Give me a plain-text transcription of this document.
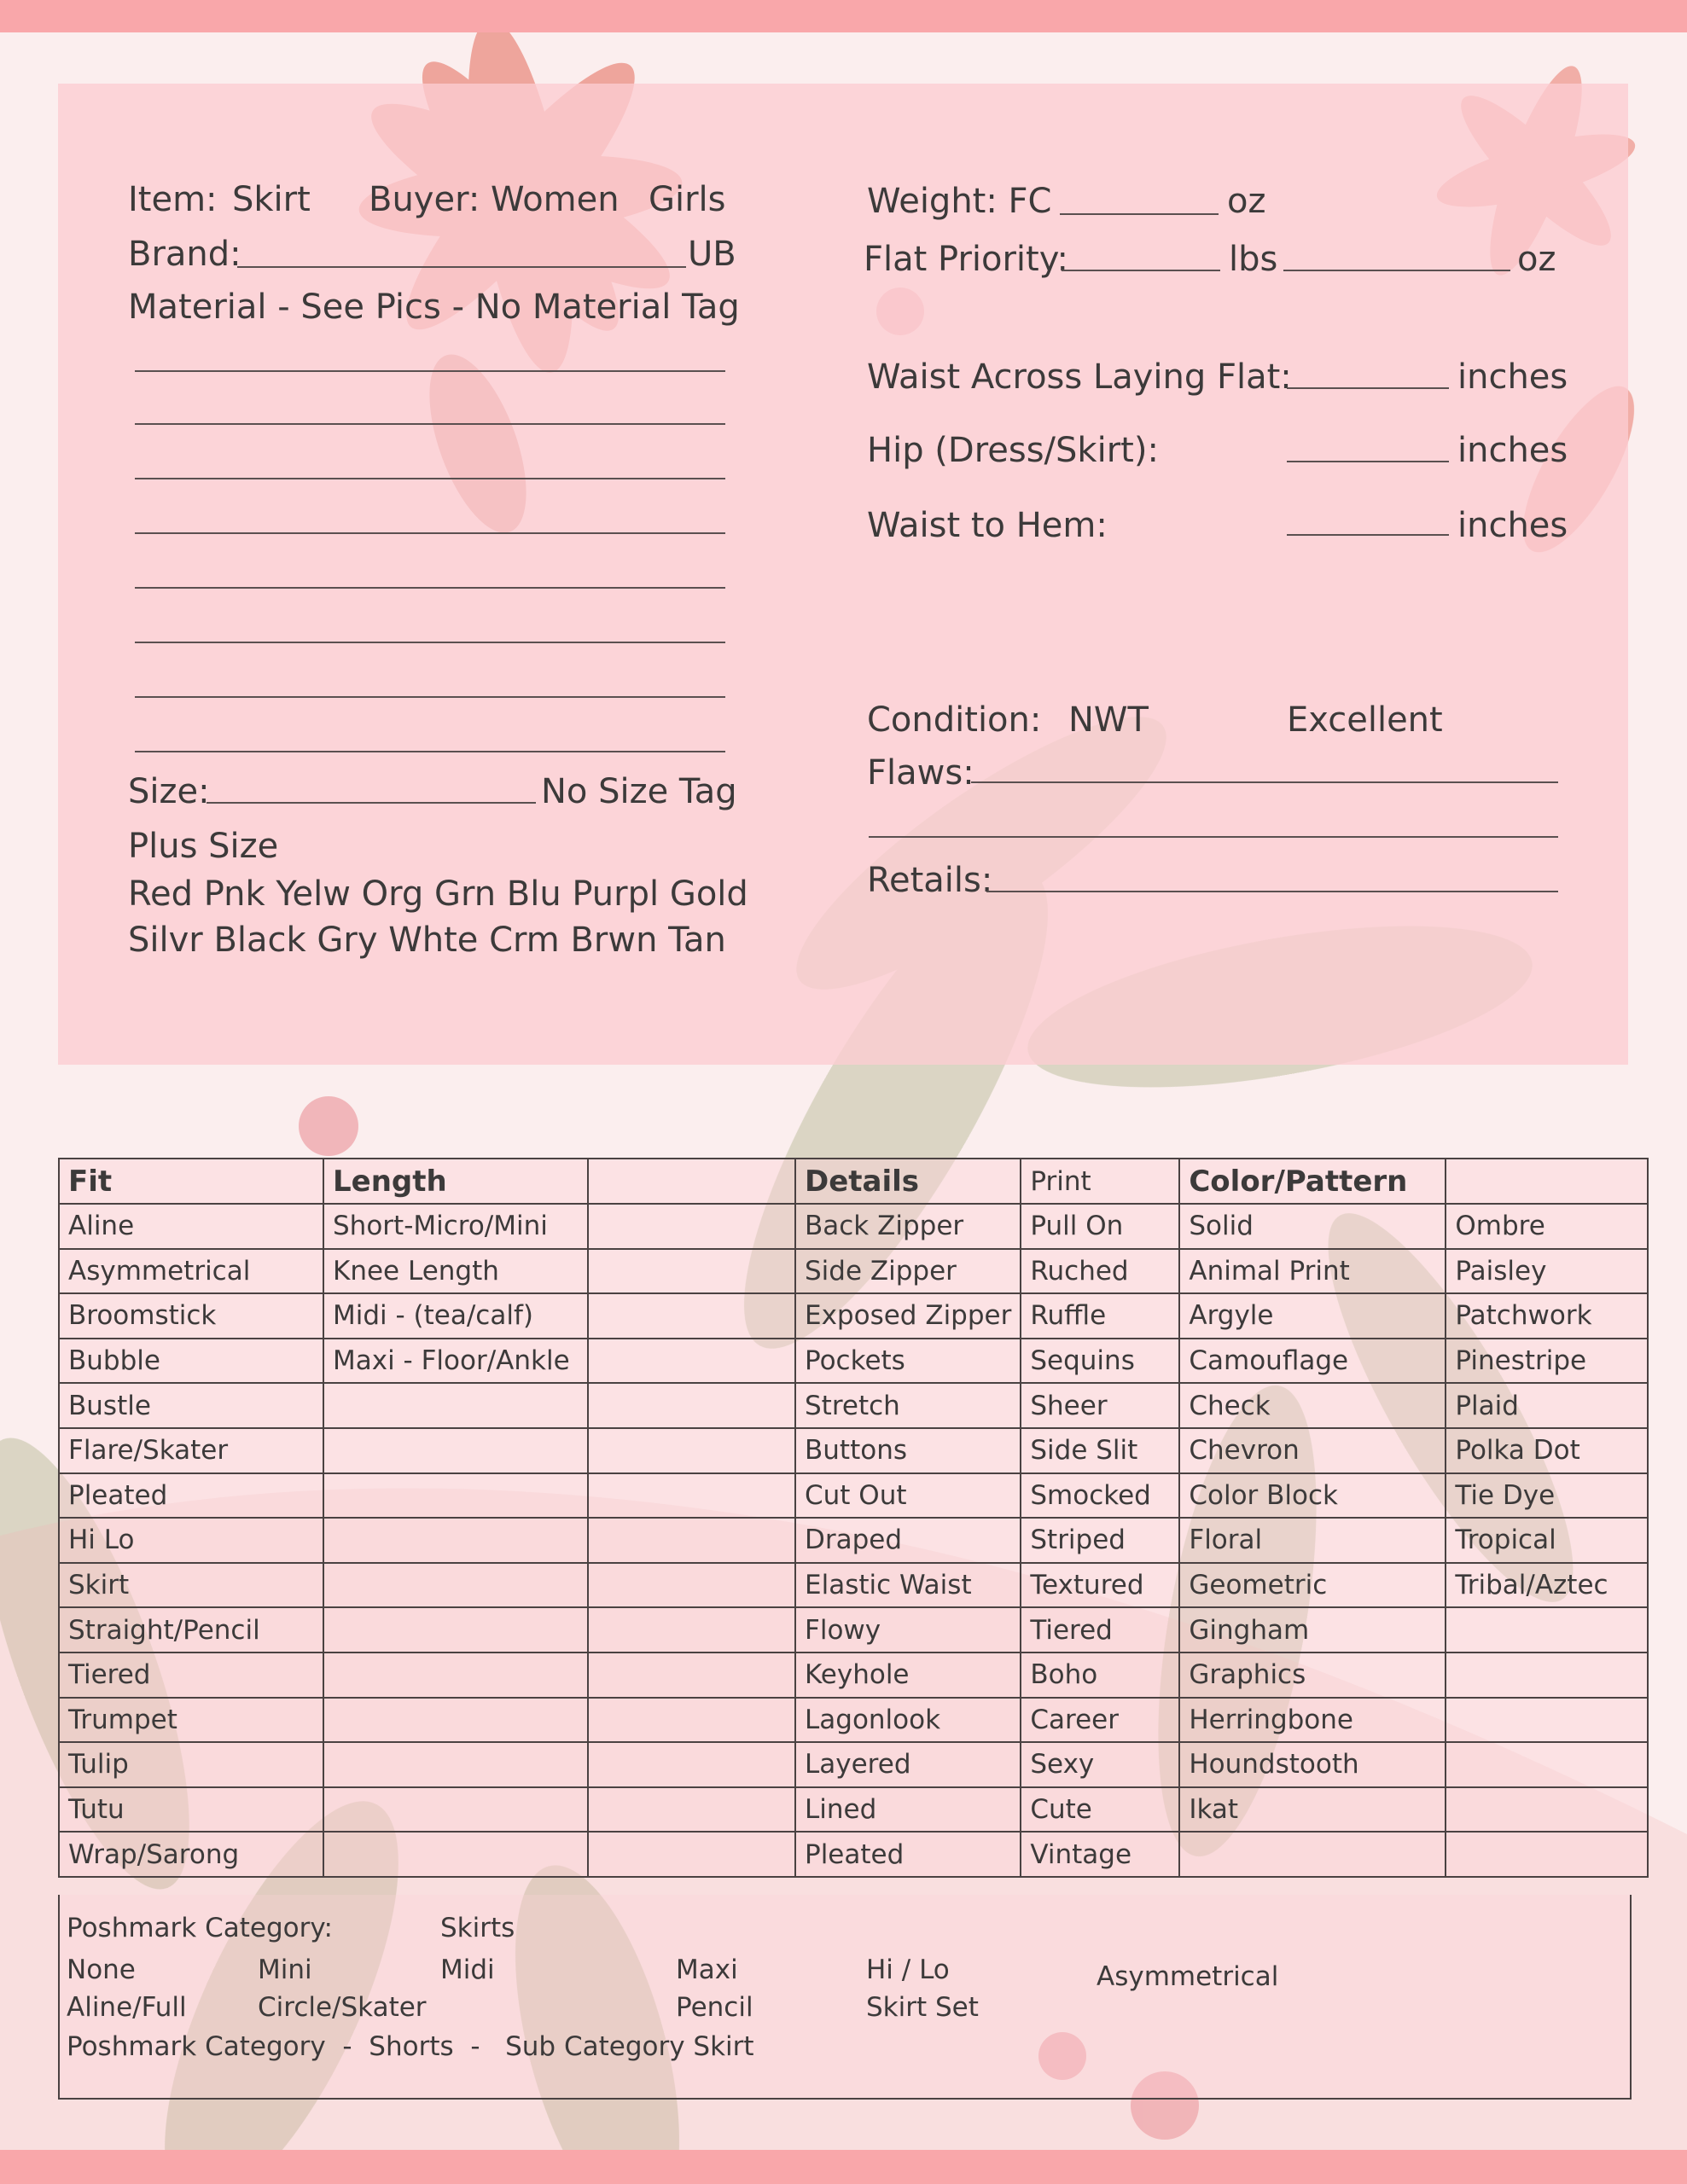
Item: Skirt Buyer: Women Girls
Brand:	UB
Material - See Pics - No Material Tag
Size:	No Size Tag
Plus Size
Red Pnk Yelw Org Grn Blu Purpl Gold
Silvr Black Gry Whte Crm Brwn Tan
Weight: FC	oz
Flat Priority:	lbs	oz
Waist Across Laying Flat:	inches
Hip (Dress/Skirt):	inches
Waist to Hem:	inches
Condition: NWT	Excellent
Flaws:
Retails:
Fit	Length		Details	Print	Color/Pattern	
Aline	Short-Micro/Mini		Back Zipper	Pull On	Solid	Ombre
Asymmetrical	Knee Length		Side Zipper	Ruched	Animal Print	Paisley
Broomstick	Midi - (tea/calf)		Exposed Zipper	Ruffle	Argyle	Patchwork
Bubble	Maxi - Floor/Ankle		Pockets	Sequins	Camouflage	Pinestripe
Bustle			Stretch	Sheer	Check	Plaid
Flare/Skater			Buttons	Side Slit	Chevron	Polka Dot
Pleated			Cut Out	Smocked	Color Block	Tie Dye
Hi Lo			Draped	Striped	Floral	Tropical
Skirt			Elastic Waist	Textured	Geometric	Tribal/Aztec
Straight/Pencil			Flowy	Tiered	Gingham	
Tiered			Keyhole	Boho	Graphics	
Trumpet			Lagonlook	Career	Herringbone	
Tulip			Layered	Sexy	Houndstooth	
Tutu			Lined	Cute	Ikat	
Wrap/Sarong			Pleated	Vintage		
Poshmark Category:	Skirts
None	Mini	Midi	Maxi	Hi / Lo	Asymmetrical
Aline/Full	Circle/Skater	Pencil	Skirt Set
Poshmark Category  -  Shorts  -   Sub Category Skirt
